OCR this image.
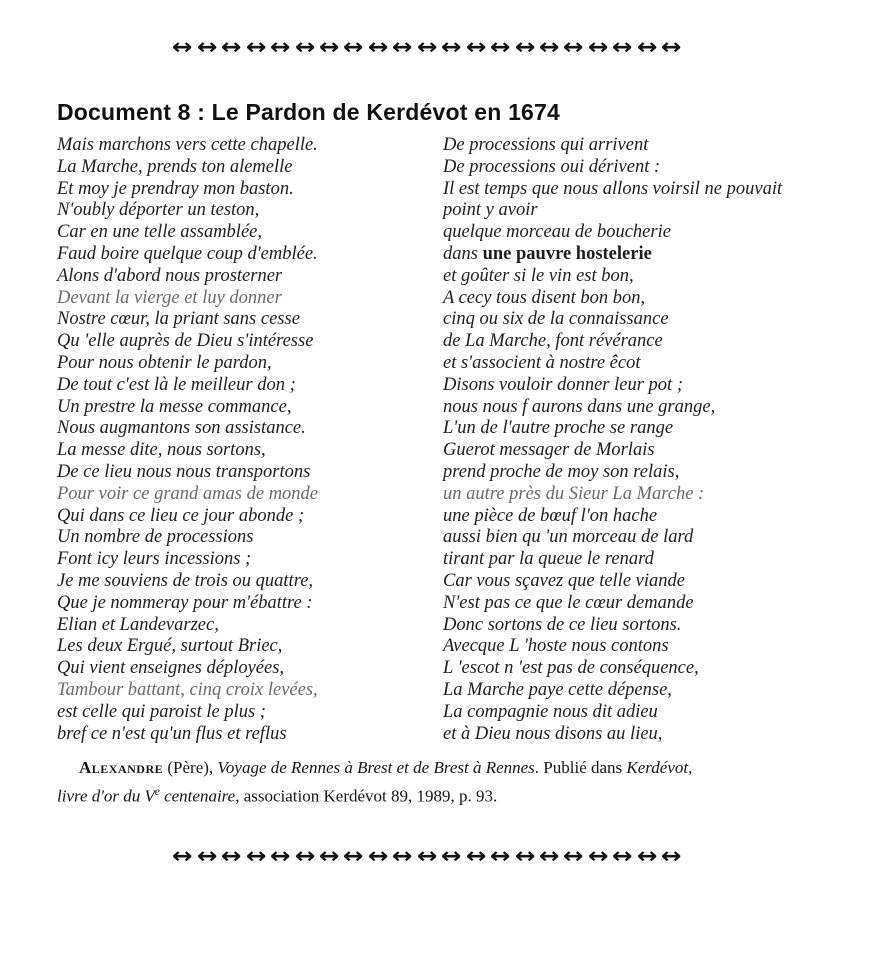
↔ ↔ ↔ ↔ ↔ ↔ ↔ ↔ ↔ ↔ ↔ ↔ ↔ ↔ ↔ ↔ ↔ ↔ ↔ ↔ ↔
Document 8 : Le Pardon de Kerdévot en 1674

Mais marchons vers cette chapelle.

La Marche, prends ton alemelle

Et moy je prendray mon baston.

N'oubly déporter un teston,

Car en une telle assamblée,

Faud boire quelque coup d'emblée.

Alons d'abord nous prosterner

Devant la vierge et luy donner

Nostre cœur, la priant sans cesse

Qu 'elle auprès de Dieu s'intéresse

Pour nous obtenir le pardon,

De tout c'est là le meilleur don ;

Un prestre la messe commance,

Nous augmantons son assistance.

La messe dite, nous sortons,

De ce lieu nous nous transportons

Pour voir ce grand amas de monde

Qui dans ce lieu ce jour abonde ;

Un nombre de processions

Font icy leurs incessions ;

Je me souviens de trois ou quattre,

Que je nommeray pour m'ébattre :

Elian et Landevarzec,

Les deux Ergué, surtout Briec,

Qui vient enseignes déployées,

Tambour battant, cinq croix levées,

est celle qui paroist le plus ;

bref ce n'est qu'un flus et reflus

De processions qui arrivent

De processions oui dérivent :

Il est temps que nous allons voirsil ne pouvait

point y avoir

quelque morceau de boucherie

dans une pauvre hostelerie

et goûter si le vin est bon,

A cecy tous disent bon bon,

cinq ou six de la connaissance

de La Marche, font révérance

et s'associent à nostre êcot

Disons vouloir donner leur pot ;

nous nous f aurons dans une grange,

L'un de l'autre proche se range

Guerot messager de Morlais

prend proche de moy son relais,

un autre près du Sieur La Marche :

une pièce de bœuf l'on hache

aussi bien qu 'un morceau de lard

tirant par la queue le renard

Car vous sçavez que telle viande

N'est pas ce que le cœur demande

Donc sortons de ce lieu sortons.

Avecque L 'hoste nous contons

L 'escot n 'est pas de conséquence,

La Marche paye cette dépense,

La compagnie nous dit adieu

et à Dieu nous disons au lieu,

Alexandre (Père), Voyage de Rennes à Brest et de Brest à Rennes. Publié dans Kerdévot,
livre d'or du Ve centenaire, association Kerdévot 89, 1989, p. 93.
↔ ↔ ↔ ↔ ↔ ↔ ↔ ↔ ↔ ↔ ↔ ↔ ↔ ↔ ↔ ↔ ↔ ↔ ↔ ↔ ↔
